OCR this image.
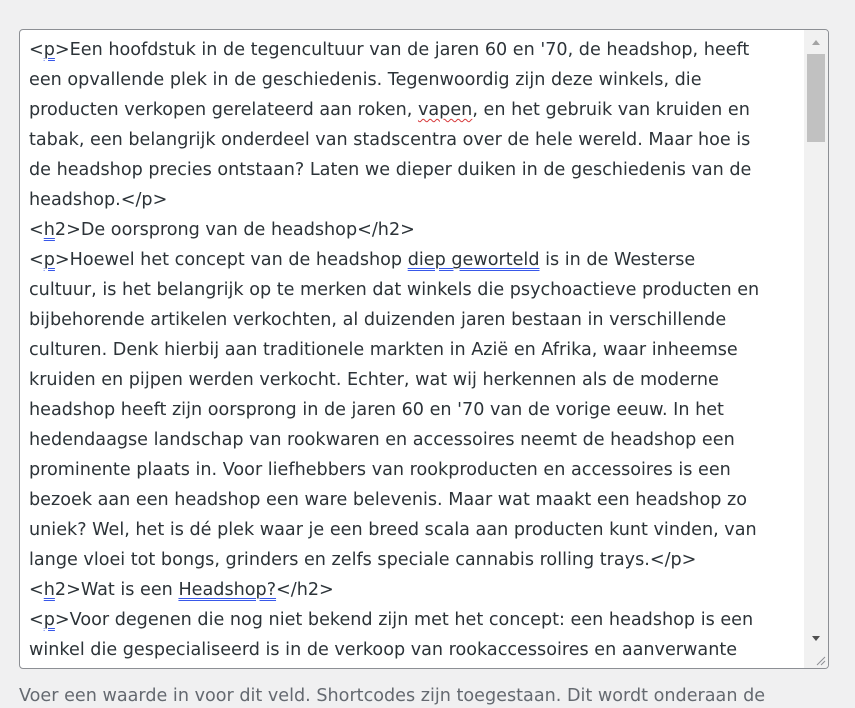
<p>Een hoofdstuk in de tegencultuur van de jaren 60 en '70, de headshop, heeft
een opvallende plek in de geschiedenis. Tegenwoordig zijn deze winkels, die
producten verkopen gerelateerd aan roken, vapen, en het gebruik van kruiden en
tabak, een belangrijk onderdeel van stadscentra over de hele wereld. Maar hoe is
de headshop precies ontstaan? Laten we dieper duiken in de geschiedenis van de
headshop.</p>
<h2>De oorsprong van de headshop</h2>
<p>Hoewel het concept van de headshop diep geworteld is in de Westerse
cultuur, is het belangrijk op te merken dat winkels die psychoactieve producten en
bijbehorende artikelen verkochten, al duizenden jaren bestaan in verschillende
culturen. Denk hierbij aan traditionele markten in Azië en Afrika, waar inheemse
kruiden en pijpen werden verkocht. Echter, wat wij herkennen als de moderne
headshop heeft zijn oorsprong in de jaren 60 en '70 van de vorige eeuw. In het
hedendaagse landschap van rookwaren en accessoires neemt de headshop een
prominente plaats in. Voor liefhebbers van rookproducten en accessoires is een
bezoek aan een headshop een ware belevenis. Maar wat maakt een headshop zo
uniek? Wel, het is dé plek waar je een breed scala aan producten kunt vinden, van
lange vloei tot bongs, grinders en zelfs speciale cannabis rolling trays.</p>
<h2>Wat is een Headshop?</h2>
<p>Voor degenen die nog niet bekend zijn met het concept: een headshop is een
winkel die gespecialiseerd is in de verkoop van rookaccessoires en aanverwante
Voer een waarde in voor dit veld. Shortcodes zijn toegestaan. Dit wordt onderaan de
